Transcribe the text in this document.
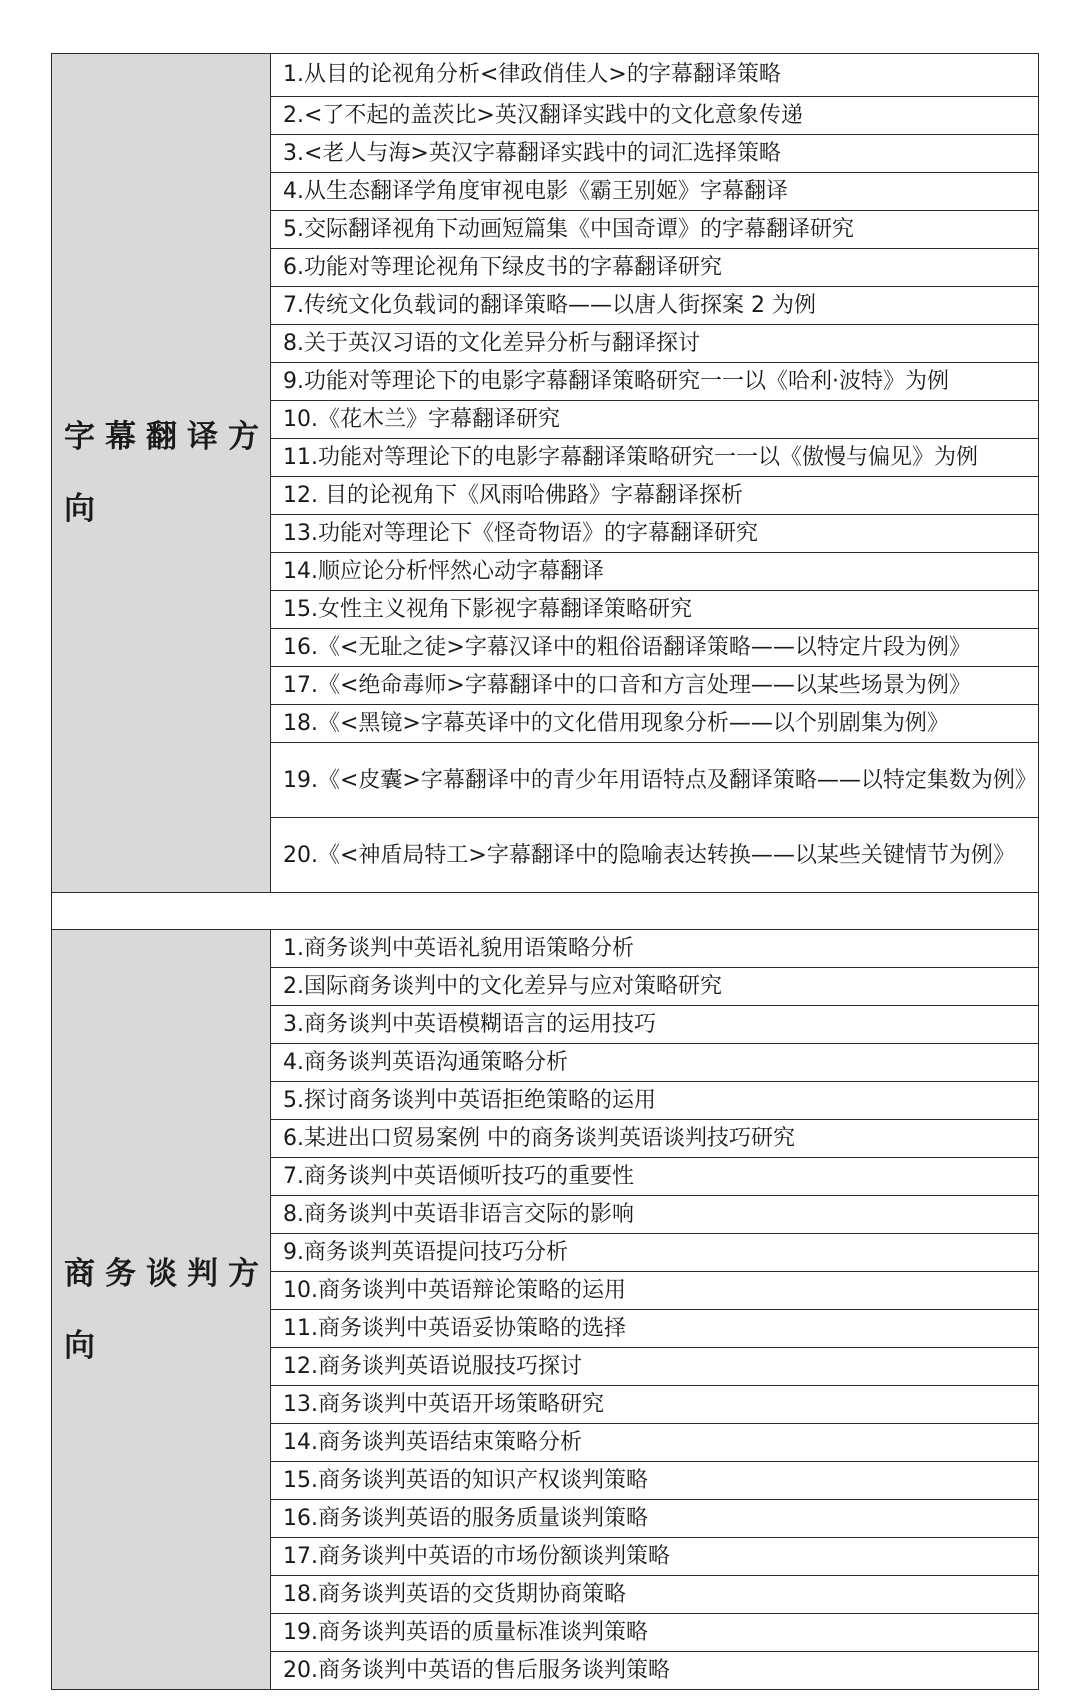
字幕翻译方向	1.从目的论视角分析<律政俏佳人>的字幕翻译策略
	2.<了不起的盖茨比>英汉翻译实践中的文化意象传递
	3.<老人与海>英汉字幕翻译实践中的词汇选择策略
	4.从生态翻译学角度审视电影《霸王别姬》字幕翻译
	5.交际翻译视角下动画短篇集《中国奇谭》的字幕翻译研究
	6.功能对等理论视角下绿皮书的字幕翻译研究
	7.传统文化负载词的翻译策略——以唐人街探案 2 为例
	8.关于英汉习语的文化差异分析与翻译探讨
	9.功能对等理论下的电影字幕翻译策略研究一一以《哈利·波特》为例
	10.《花木兰》字幕翻译研究
	11.功能对等理论下的电影字幕翻译策略研究一一以《傲慢与偏见》为例
	12. 目的论视角下《风雨哈佛路》字幕翻译探析
	13.功能对等理论下《怪奇物语》的字幕翻译研究
	14.顺应论分析怦然心动字幕翻译
	15.女性主义视角下影视字幕翻译策略研究
	16.《<无耻之徒>字幕汉译中的粗俗语翻译策略——以特定片段为例》
	17.《<绝命毒师>字幕翻译中的口音和方言处理——以某些场景为例》
	18.《<黑镜>字幕英译中的文化借用现象分析——以个别剧集为例》
	19.《<皮囊>字幕翻译中的青少年用语特点及翻译策略——以特定集数为例》
	20.《<神盾局特工>字幕翻译中的隐喻表达转换——以某些关键情节为例》

商务谈判方向	1.商务谈判中英语礼貌用语策略分析
	2.国际商务谈判中的文化差异与应对策略研究
	3.商务谈判中英语模糊语言的运用技巧
	4.商务谈判英语沟通策略分析
	5.探讨商务谈判中英语拒绝策略的运用
	6.某进出口贸易案例 中的商务谈判英语谈判技巧研究
	7.商务谈判中英语倾听技巧的重要性
	8.商务谈判中英语非语言交际的影响
	9.商务谈判英语提问技巧分析
	10.商务谈判中英语辩论策略的运用
	11.商务谈判中英语妥协策略的选择
	12.商务谈判英语说服技巧探讨
	13.商务谈判中英语开场策略研究
	14.商务谈判英语结束策略分析
	15.商务谈判英语的知识产权谈判策略
	16.商务谈判英语的服务质量谈判策略
	17.商务谈判中英语的市场份额谈判策略
	18.商务谈判英语的交货期协商策略
	19.商务谈判英语的质量标准谈判策略
	20.商务谈判中英语的售后服务谈判策略
